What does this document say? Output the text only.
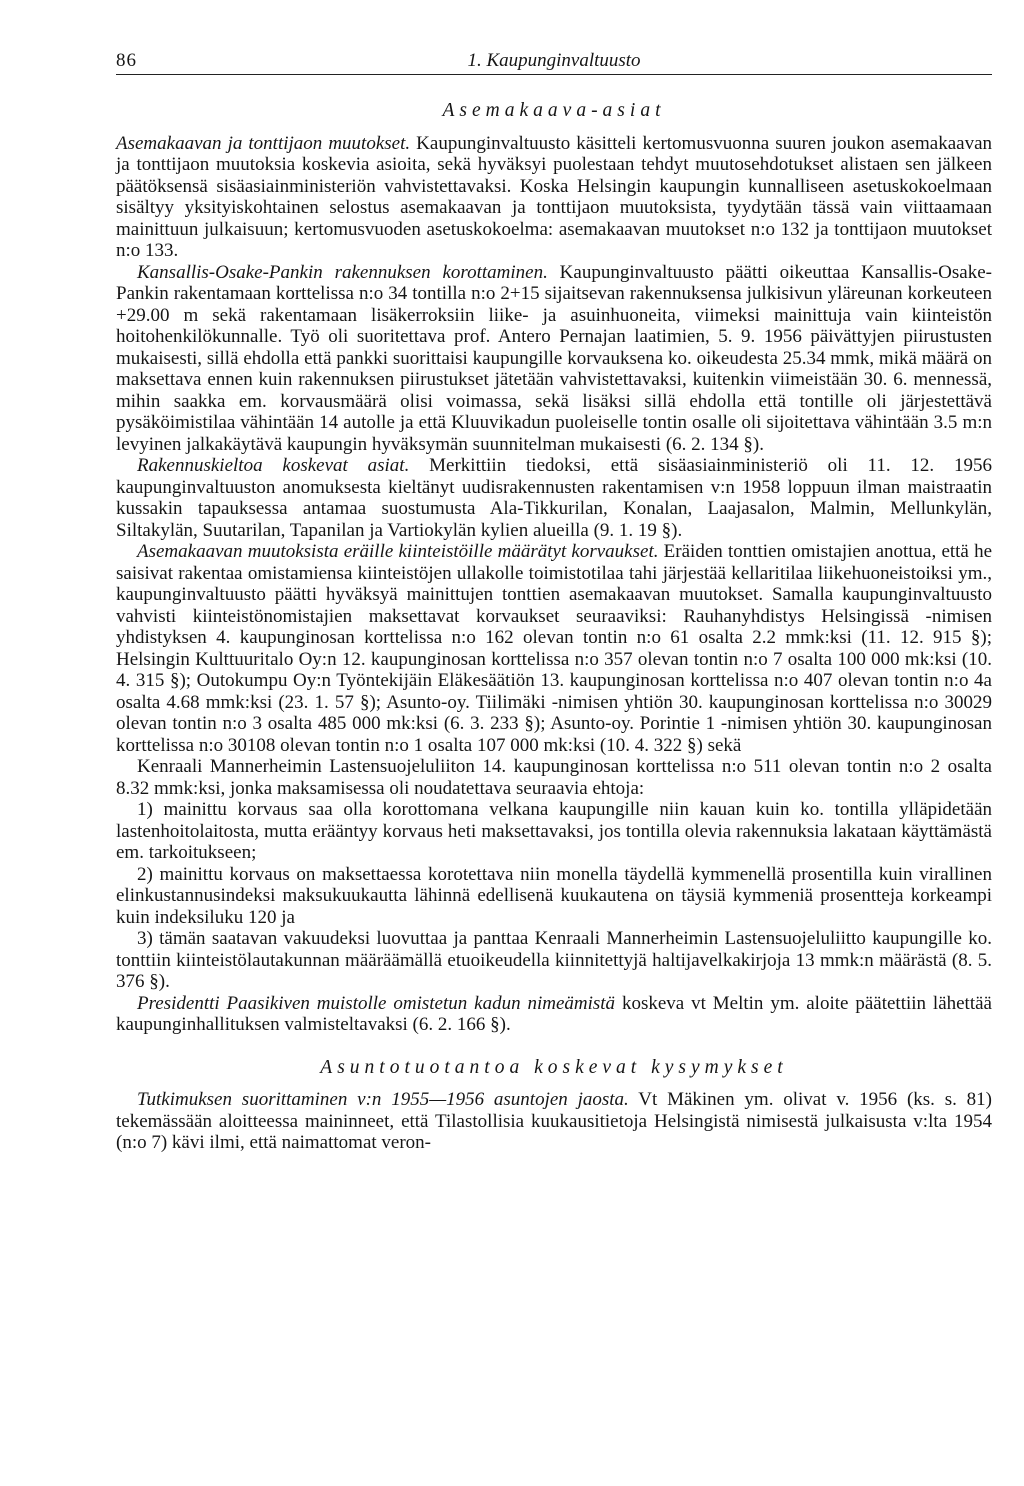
86	1. Kaupunginvaltuusto
Asemakaava-asiat

Asemakaavan ja tonttijaon muutokset. Kaupunginvaltuusto käsitteli kertomusvuonna suuren joukon asemakaavan ja tonttijaon muutoksia koskevia asioita, sekä hyväksyi puolestaan tehdyt muutosehdotukset alistaen sen jälkeen päätöksensä sisäasiainministeriön vahvistettavaksi. Koska Helsingin kaupungin kunnalliseen asetuskokoelmaan sisältyy yksityiskohtainen selostus asemakaavan ja tonttijaon muutoksista, tyydytään tässä vain viittaamaan mainittuun julkaisuun; kertomusvuoden asetuskokoelma: asemakaavan muutokset n:o 132 ja tonttijaon muutokset n:o 133.

Kansallis-Osake-Pankin rakennuksen korottaminen. Kaupunginvaltuusto päätti oikeuttaa Kansallis-Osake-Pankin rakentamaan korttelissa n:o 34 tontilla n:o 2+15 sijaitsevan rakennuksensa julkisivun yläreunan korkeuteen +29.00 m sekä rakentamaan lisäkerroksiin liike- ja asuinhuoneita, viimeksi mainittuja vain kiinteistön hoitohenkilökunnalle. Työ oli suoritettava prof. Antero Pernajan laatimien, 5. 9. 1956 päivättyjen piirustusten mukaisesti, sillä ehdolla että pankki suorittaisi kaupungille korvauksena ko. oikeudesta 25.34 mmk, mikä määrä on maksettava ennen kuin rakennuksen piirustukset jätetään vahvistettavaksi, kuitenkin viimeistään 30. 6. mennessä, mihin saakka em. korvausmäärä olisi voimassa, sekä lisäksi sillä ehdolla että tontille oli järjestettävä pysäköimistilaa vähintään 14 autolle ja että Kluuvikadun puoleiselle tontin osalle oli sijoitettava vähintään 3.5 m:n levyinen jalkakäytävä kaupungin hyväksymän suunnitelman mukaisesti (6. 2. 134 §).

Rakennuskieltoa koskevat asiat. Merkittiin tiedoksi, että sisäasiainministeriö oli 11. 12. 1956 kaupunginvaltuuston anomuksesta kieltänyt uudisrakennusten rakentamisen v:n 1958 loppuun ilman maistraatin kussakin tapauksessa antamaa suostumusta Ala-Tikkurilan, Konalan, Laajasalon, Malmin, Mellunkylän, Siltakylän, Suutarilan, Tapanilan ja Vartiokylän kylien alueilla (9. 1. 19 §).

Asemakaavan muutoksista eräille kiinteistöille määrätyt korvaukset. Eräiden tonttien omistajien anottua, että he saisivat rakentaa omistamiensa kiinteistöjen ullakolle toimistotilaa tahi järjestää kellaritilaa liikehuoneistoiksi ym., kaupunginvaltuusto päätti hyväksyä mainittujen tonttien asemakaavan muutokset. Samalla kaupunginvaltuusto vahvisti kiinteistönomistajien maksettavat korvaukset seuraaviksi: Rauhanyhdistys Helsingissä -nimisen yhdistyksen 4. kaupunginosan korttelissa n:o 162 olevan tontin n:o 61 osalta 2.2 mmk:ksi (11. 12. 915 §); Helsingin Kulttuuritalo Oy:n 12. kaupunginosan korttelissa n:o 357 olevan tontin n:o 7 osalta 100 000 mk:ksi (10. 4. 315 §); Outokumpu Oy:n Työntekijäin Eläkesäätiön 13. kaupunginosan korttelissa n:o 407 olevan tontin n:o 4a osalta 4.68 mmk:ksi (23. 1. 57 §); Asunto-oy. Tiilimäki -nimisen yhtiön 30. kaupunginosan korttelissa n:o 30029 olevan tontin n:o 3 osalta 485 000 mk:ksi (6. 3. 233 §); Asunto-oy. Porintie 1 -nimisen yhtiön 30. kaupunginosan korttelissa n:o 30108 olevan tontin n:o 1 osalta 107 000 mk:ksi (10. 4. 322 §) sekä

Kenraali Mannerheimin Lastensuojeluliiton 14. kaupunginosan korttelissa n:o 511 olevan tontin n:o 2 osalta 8.32 mmk:ksi, jonka maksamisessa oli noudatettava seuraavia ehtoja:

1) mainittu korvaus saa olla korottomana velkana kaupungille niin kauan kuin ko. tontilla ylläpidetään lastenhoitolaitosta, mutta erääntyy korvaus heti maksettavaksi, jos tontilla olevia rakennuksia lakataan käyttämästä em. tarkoitukseen;

2) mainittu korvaus on maksettaessa korotettava niin monella täydellä kymmenellä prosentilla kuin virallinen elinkustannusindeksi maksukuukautta lähinnä edellisenä kuukautena on täysiä kymmeniä prosentteja korkeampi kuin indeksiluku 120 ja

3) tämän saatavan vakuudeksi luovuttaa ja panttaa Kenraali Mannerheimin Lastensuojeluliitto kaupungille ko. tonttiin kiinteistölautakunnan määräämällä etuoikeudella kiinnitettyjä haltijavelkakirjoja 13 mmk:n määrästä (8. 5. 376 §).

Presidentti Paasikiven muistolle omistetun kadun nimeämistä koskeva vt Meltin ym. aloite päätettiin lähettää kaupunginhallituksen valmisteltavaksi (6. 2. 166 §).

Asuntotuotantoa koskevat kysymykset

Tutkimuksen suorittaminen v:n 1955—1956 asuntojen jaosta. Vt Mäkinen ym. olivat v. 1956 (ks. s. 81) tekemässään aloitteessa maininneet, että Tilastollisia kuukausitietoja Helsingistä nimisestä julkaisusta v:lta 1954 (n:o 7) kävi ilmi, että naimattomat veron-
